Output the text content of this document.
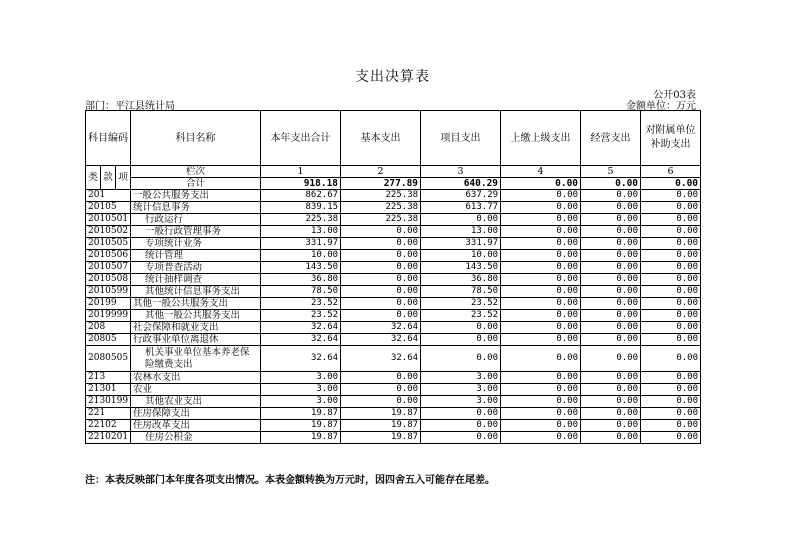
支出决算表
公开03表
部门：平江县统计局	金额单位：万元
科目编码			科目名称	本年支出合计	基本支出	项目支出	上缴上级支出	经营支出	对附属单位补助支出
类	款	项	栏次	1	2	3	4	5	6
			合计	918.18	277.89	640.29	0.00	0.00	0.00
201			一般公共服务支出	862.67	225.38	637.29	0.00	0.00	0.00
20105			统计信息事务	839.15	225.38	613.77	0.00	0.00	0.00
2010501			行政运行	225.38	225.38	0.00	0.00	0.00	0.00
2010502			一般行政管理事务	13.00	0.00	13.00	0.00	0.00	0.00
2010505			专项统计业务	331.97	0.00	331.97	0.00	0.00	0.00
2010506			统计管理	10.00	0.00	10.00	0.00	0.00	0.00
2010507			专项普查活动	143.50	0.00	143.50	0.00	0.00	0.00
2010508			统计抽样调查	36.80	0.00	36.80	0.00	0.00	0.00
2010599			其他统计信息事务支出	78.50	0.00	78.50	0.00	0.00	0.00
20199			其他一般公共服务支出	23.52	0.00	23.52	0.00	0.00	0.00
2019999			其他一般公共服务支出	23.52	0.00	23.52	0.00	0.00	0.00
208			社会保障和就业支出	32.64	32.64	0.00	0.00	0.00	0.00
20805			行政事业单位离退休	32.64	32.64	0.00	0.00	0.00	0.00
2080505			机关事业单位基本养老保险缴费支出	32.64	32.64	0.00	0.00	0.00	0.00
213			农林水支出	3.00	0.00	3.00	0.00	0.00	0.00
21301			农业	3.00	0.00	3.00	0.00	0.00	0.00
2130199			其他农业支出	3.00	0.00	3.00	0.00	0.00	0.00
221			住房保障支出	19.87	19.87	0.00	0.00	0.00	0.00
22102			住房改革支出	19.87	19.87	0.00	0.00	0.00	0.00
2210201			住房公积金	19.87	19.87	0.00	0.00	0.00	0.00
注：本表反映部门本年度各项支出情况。本表金额转换为万元时，因四舍五入可能存在尾差。
